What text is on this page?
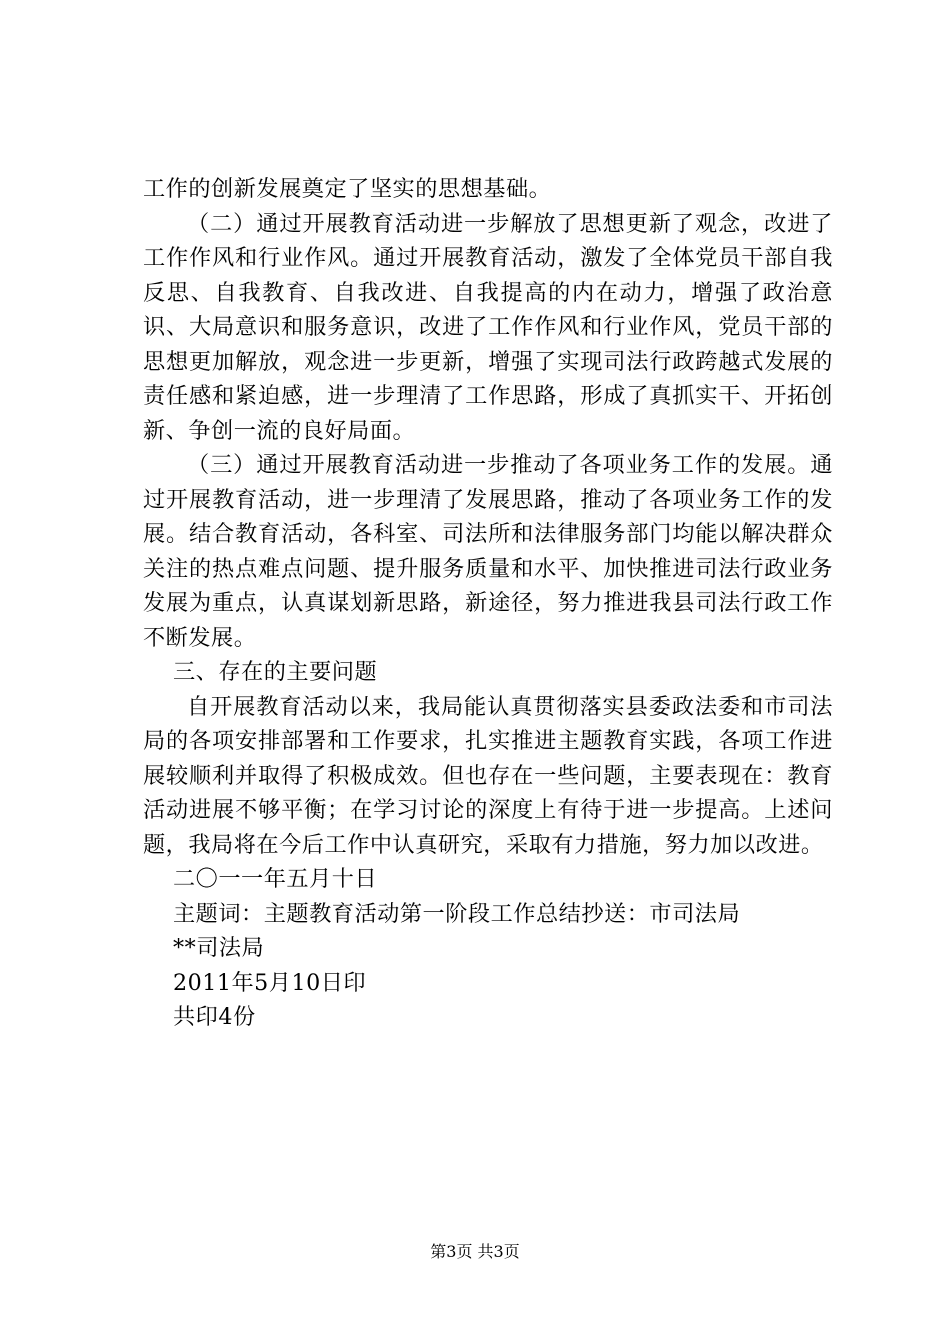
工作的创新发展奠定了坚实的思想基础。

（二）通过开展教育活动进一步解放了思想更新了观念，改进了工作作风和行业作风。通过开展教育活动，激发了全体党员干部自我反思、自我教育、自我改进、自我提高的内在动力，增强了政治意识、大局意识和服务意识，改进了工作作风和行业作风，党员干部的思想更加解放，观念进一步更新，增强了实现司法行政跨越式发展的责任感和紧迫感，进一步理清了工作思路，形成了真抓实干、开拓创新、争创一流的良好局面。

（三）通过开展教育活动进一步推动了各项业务工作的发展。通过开展教育活动，进一步理清了发展思路，推动了各项业务工作的发展。结合教育活动，各科室、司法所和法律服务部门均能以解决群众关注的热点难点问题、提升服务质量和水平、加快推进司法行政业务发展为重点，认真谋划新思路，新途径，努力推进我县司法行政工作不断发展。

三、存在的主要问题

自开展教育活动以来，我局能认真贯彻落实县委政法委和市司法局的各项安排部署和工作要求，扎实推进主题教育实践，各项工作进展较顺利并取得了积极成效。但也存在一些问题，主要表现在：教育活动进展不够平衡；在学习讨论的深度上有待于进一步提高。上述问题，我局将在今后工作中认真研究，采取有力措施，努力加以改进。

二〇一一年五月十日

主题词：主题教育活动第一阶段工作总结抄送：市司法局

**司法局

2011年5月10日印

共印4份

第3页 共3页
